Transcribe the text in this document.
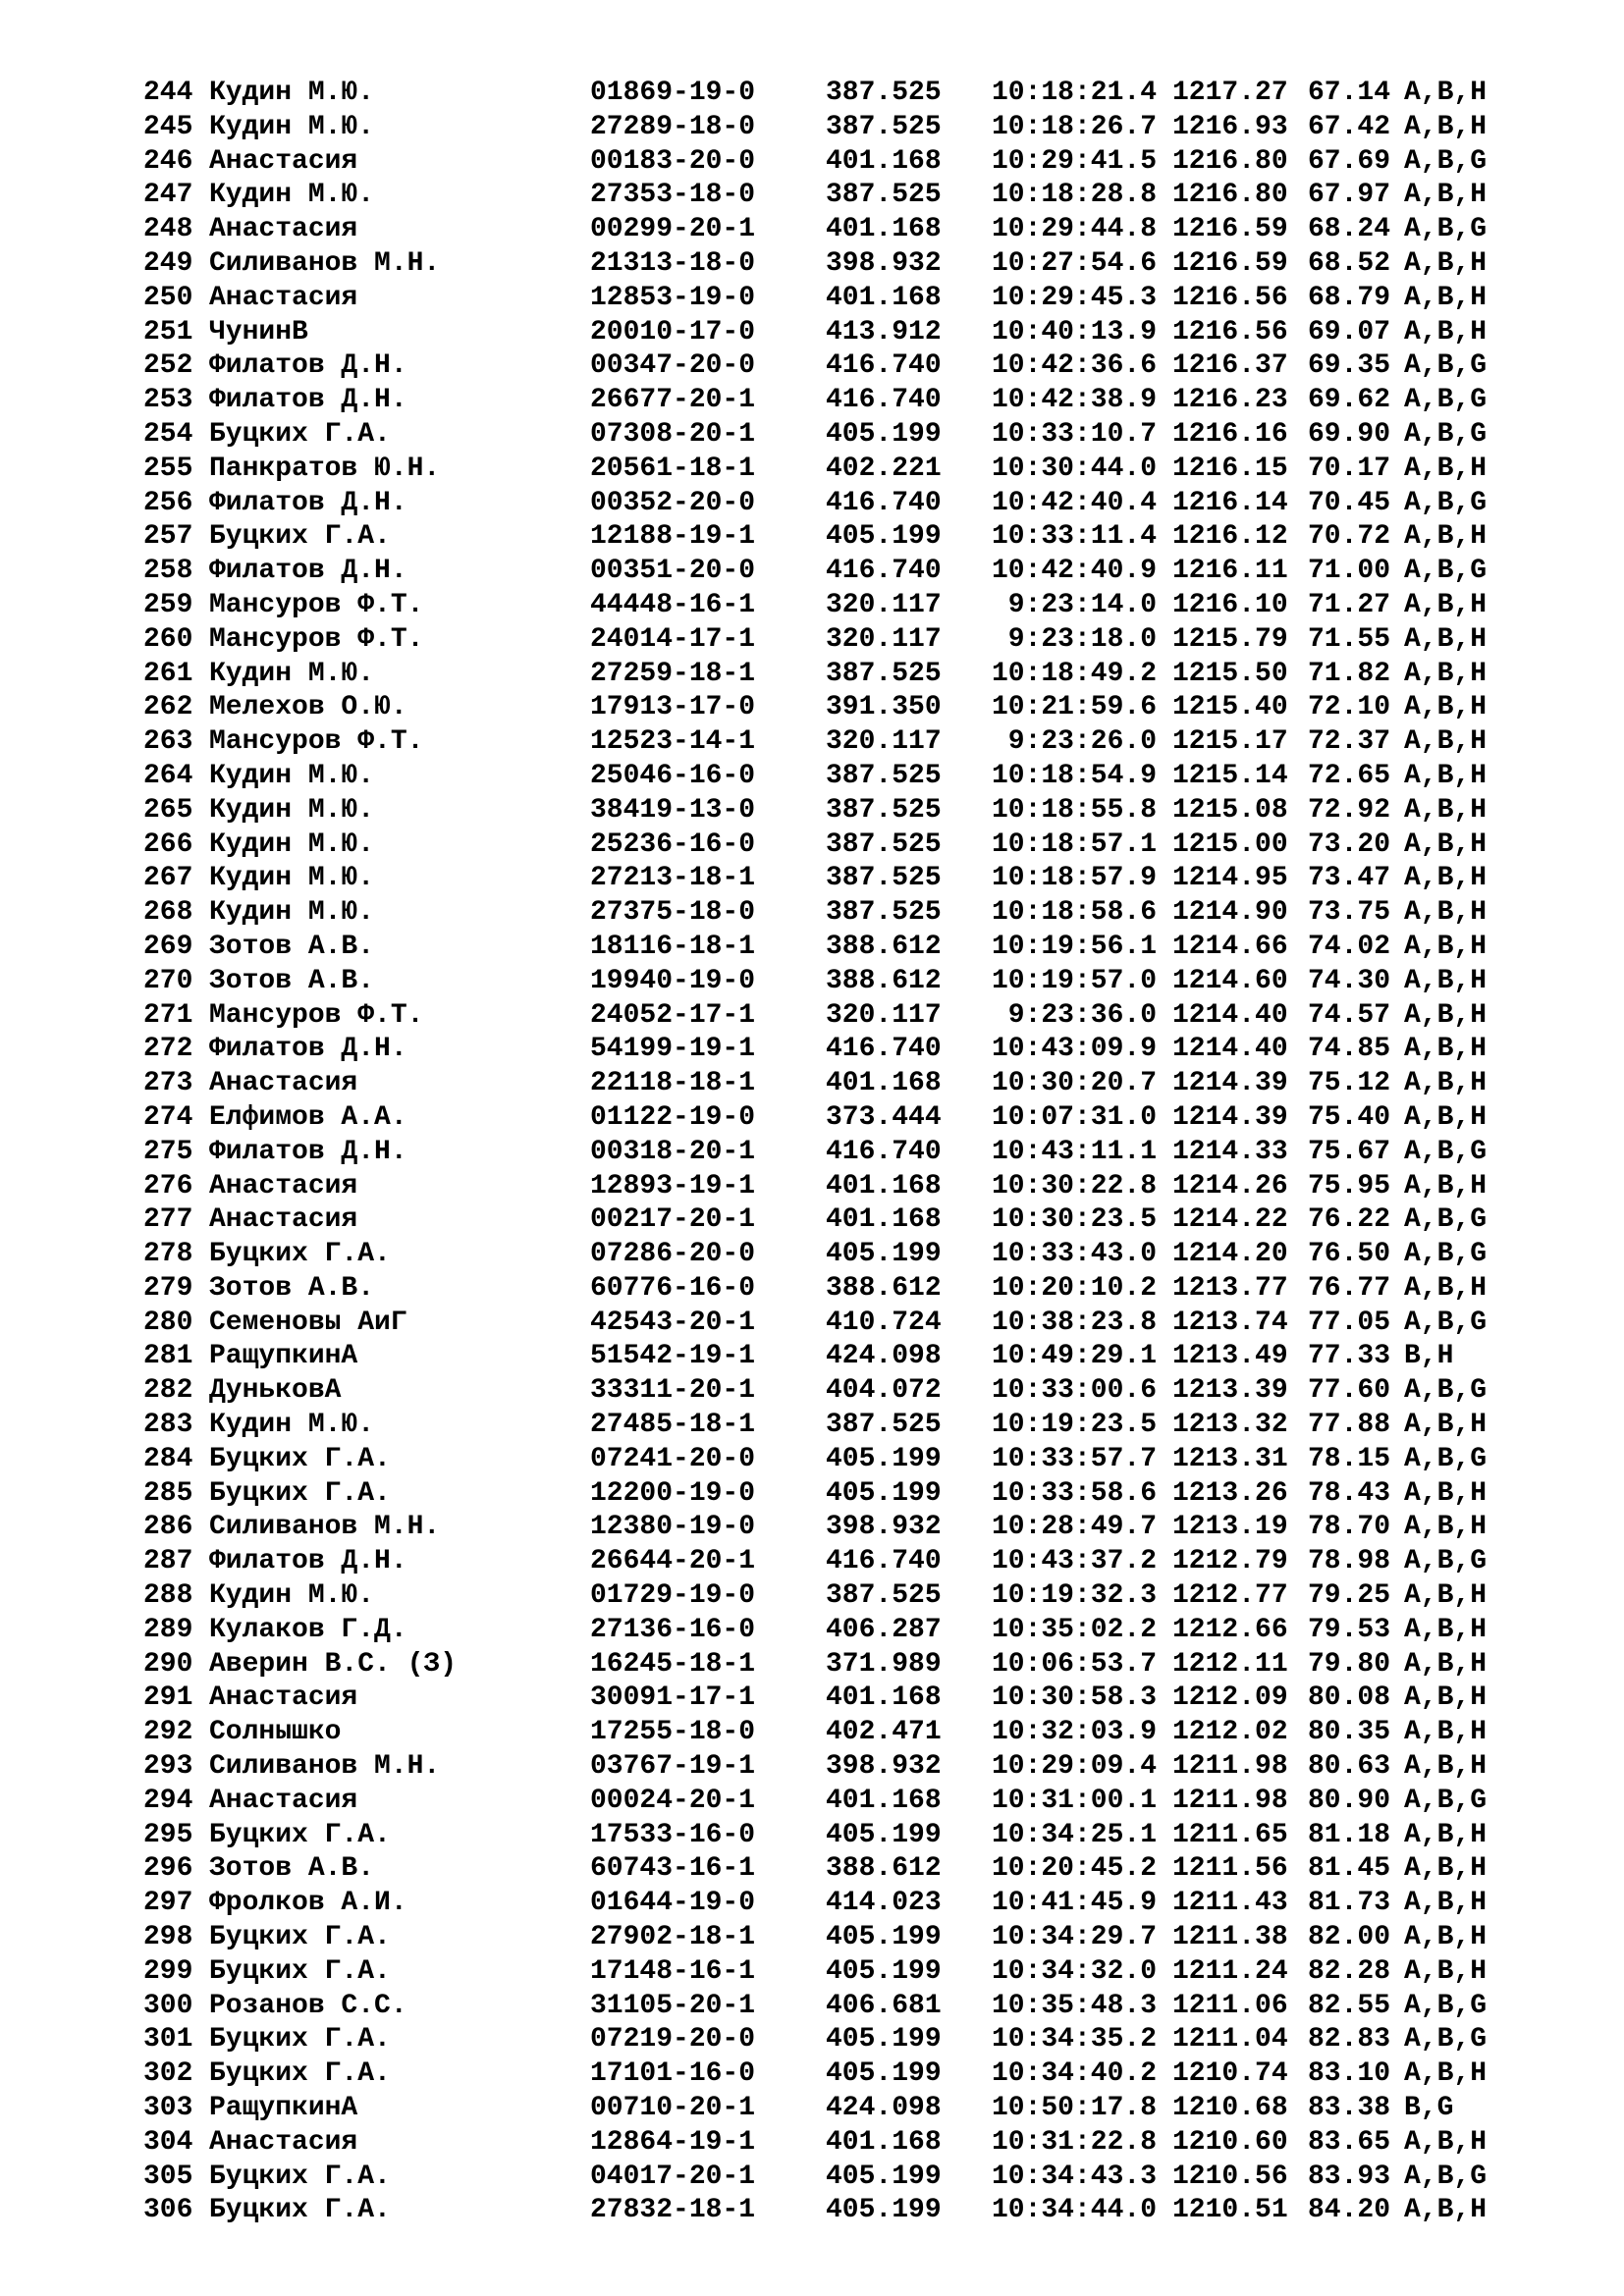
244 Кудин М.Ю.	01869-19-0	387.525 10:18:21.4 1217.27 67.14 A,B,H
245 Кудин М.Ю.	27289-18-0	387.525 10:18:26.7 1216.93 67.42 A,B,H
246 Анастасия	00183-20-0	401.168 10:29:41.5 1216.80 67.69 A,B,G
247 Кудин М.Ю.	27353-18-0	387.525 10:18:28.8 1216.80 67.97 A,B,H
248 Анастасия	00299-20-1	401.168 10:29:44.8 1216.59 68.24 A,B,G
249 Силиванов М.Н.	21313-18-0	398.932 10:27:54.6 1216.59 68.52 A,B,H
250 Анастасия	12853-19-0	401.168 10:29:45.3 1216.56 68.79 A,B,H
251 ЧунинВ	20010-17-0	413.912 10:40:13.9 1216.56 69.07 A,B,H
252 Филатов Д.Н.	00347-20-0	416.740 10:42:36.6 1216.37 69.35 A,B,G
253 Филатов Д.Н.	26677-20-1	416.740 10:42:38.9 1216.23 69.62 A,B,G
254 Буцких Г.А.	07308-20-1	405.199 10:33:10.7 1216.16 69.90 A,B,G
255 Панкратов Ю.Н.	20561-18-1	402.221 10:30:44.0 1216.15 70.17 A,B,H
256 Филатов Д.Н.	00352-20-0	416.740 10:42:40.4 1216.14 70.45 A,B,G
257 Буцких Г.А.	12188-19-1	405.199 10:33:11.4 1216.12 70.72 A,B,H
258 Филатов Д.Н.	00351-20-0	416.740 10:42:40.9 1216.11 71.00 A,B,G
259 Мансуров Ф.Т.	44448-16-1	320.117 9:23:14.0 1216.10 71.27 A,B,H
260 Мансуров Ф.Т.	24014-17-1	320.117 9:23:18.0 1215.79 71.55 A,B,H
261 Кудин М.Ю.	27259-18-1	387.525 10:18:49.2 1215.50 71.82 A,B,H
262 Мелехов О.Ю.	17913-17-0	391.350 10:21:59.6 1215.40 72.10 A,B,H
263 Мансуров Ф.Т.	12523-14-1	320.117 9:23:26.0 1215.17 72.37 A,B,H
264 Кудин М.Ю.	25046-16-0	387.525 10:18:54.9 1215.14 72.65 A,B,H
265 Кудин М.Ю.	38419-13-0	387.525 10:18:55.8 1215.08 72.92 A,B,H
266 Кудин М.Ю.	25236-16-0	387.525 10:18:57.1 1215.00 73.20 A,B,H
267 Кудин М.Ю.	27213-18-1	387.525 10:18:57.9 1214.95 73.47 A,B,H
268 Кудин М.Ю.	27375-18-0	387.525 10:18:58.6 1214.90 73.75 A,B,H
269 Зотов А.В.	18116-18-1	388.612 10:19:56.1 1214.66 74.02 A,B,H
270 Зотов А.В.	19940-19-0	388.612 10:19:57.0 1214.60 74.30 A,B,H
271 Мансуров Ф.Т.	24052-17-1	320.117 9:23:36.0 1214.40 74.57 A,B,H
272 Филатов Д.Н.	54199-19-1	416.740 10:43:09.9 1214.40 74.85 A,B,H
273 Анастасия	22118-18-1	401.168 10:30:20.7 1214.39 75.12 A,B,H
274 Елфимов А.А.	01122-19-0	373.444 10:07:31.0 1214.39 75.40 A,B,H
275 Филатов Д.Н.	00318-20-1	416.740 10:43:11.1 1214.33 75.67 A,B,G
276 Анастасия	12893-19-1	401.168 10:30:22.8 1214.26 75.95 A,B,H
277 Анастасия	00217-20-1	401.168 10:30:23.5 1214.22 76.22 A,B,G
278 Буцких Г.А.	07286-20-0	405.199 10:33:43.0 1214.20 76.50 A,B,G
279 Зотов А.В.	60776-16-0	388.612 10:20:10.2 1213.77 76.77 A,B,H
280 Семеновы АиГ	42543-20-1	410.724 10:38:23.8 1213.74 77.05 A,B,G
281 РащупкинА	51542-19-1	424.098 10:49:29.1 1213.49 77.33 B,H
282 ДуньковА	33311-20-1	404.072 10:33:00.6 1213.39 77.60 A,B,G
283 Кудин М.Ю.	27485-18-1	387.525 10:19:23.5 1213.32 77.88 A,B,H
284 Буцких Г.А.	07241-20-0	405.199 10:33:57.7 1213.31 78.15 A,B,G
285 Буцких Г.А.	12200-19-0	405.199 10:33:58.6 1213.26 78.43 A,B,H
286 Силиванов М.Н.	12380-19-0	398.932 10:28:49.7 1213.19 78.70 A,B,H
287 Филатов Д.Н.	26644-20-1	416.740 10:43:37.2 1212.79 78.98 A,B,G
288 Кудин М.Ю.	01729-19-0	387.525 10:19:32.3 1212.77 79.25 A,B,H
289 Кулаков Г.Д.	27136-16-0	406.287 10:35:02.2 1212.66 79.53 A,B,H
290 Аверин В.С. (З)	16245-18-1	371.989 10:06:53.7 1212.11 79.80 A,B,H
291 Анастасия	30091-17-1	401.168 10:30:58.3 1212.09 80.08 A,B,H
292 Солнышко	17255-18-0	402.471 10:32:03.9 1212.02 80.35 A,B,H
293 Силиванов М.Н.	03767-19-1	398.932 10:29:09.4 1211.98 80.63 A,B,H
294 Анастасия	00024-20-1	401.168 10:31:00.1 1211.98 80.90 A,B,G
295 Буцких Г.А.	17533-16-0	405.199 10:34:25.1 1211.65 81.18 A,B,H
296 Зотов А.В.	60743-16-1	388.612 10:20:45.2 1211.56 81.45 A,B,H
297 Фролков А.И.	01644-19-0	414.023 10:41:45.9 1211.43 81.73 A,B,H
298 Буцких Г.А.	27902-18-1	405.199 10:34:29.7 1211.38 82.00 A,B,H
299 Буцких Г.А.	17148-16-1	405.199 10:34:32.0 1211.24 82.28 A,B,H
300 Розанов С.С.	31105-20-1	406.681 10:35:48.3 1211.06 82.55 A,B,G
301 Буцких Г.А.	07219-20-0	405.199 10:34:35.2 1211.04 82.83 A,B,G
302 Буцких Г.А.	17101-16-0	405.199 10:34:40.2 1210.74 83.10 A,B,H
303 РащупкинА	00710-20-1	424.098 10:50:17.8 1210.68 83.38 B,G
304 Анастасия	12864-19-1	401.168 10:31:22.8 1210.60 83.65 A,B,H
305 Буцких Г.А.	04017-20-1	405.199 10:34:43.3 1210.56 83.93 A,B,G
306 Буцких Г.А.	27832-18-1	405.199 10:34:44.0 1210.51 84.20 A,B,H
